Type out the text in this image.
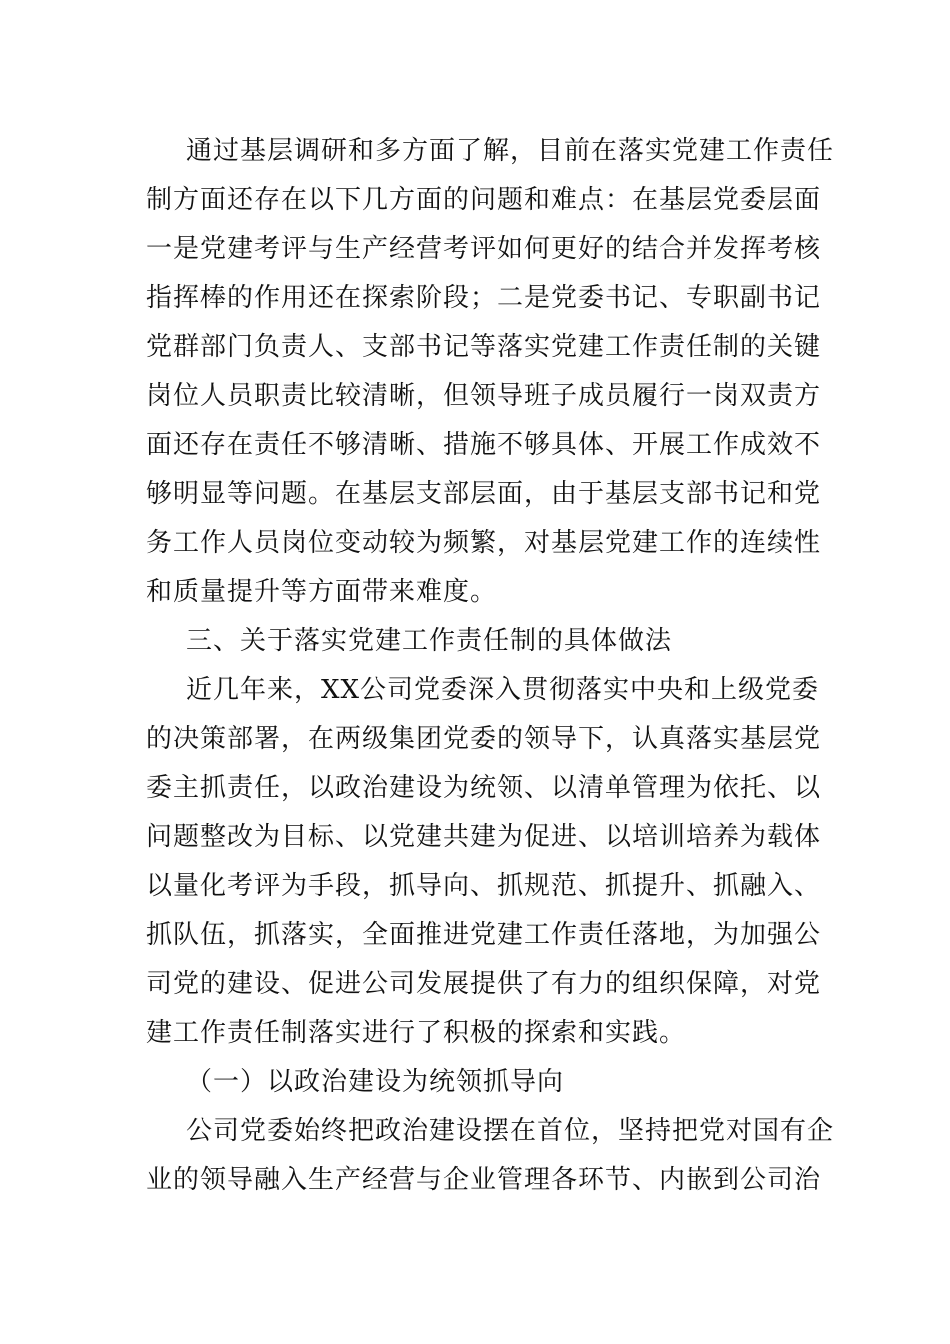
通过基层调研和多方面了解，目前在落实党建工作责任
制方面还存在以下几方面的问题和难点：在基层党委层面
一是党建考评与生产经营考评如何更好的结合并发挥考核
指挥棒的作用还在探索阶段；二是党委书记、专职副书记
党群部门负责人、支部书记等落实党建工作责任制的关键
岗位人员职责比较清晰，但领导班子成员履行一岗双责方
面还存在责任不够清晰、措施不够具体、开展工作成效不
够明显等问题。在基层支部层面，由于基层支部书记和党
务工作人员岗位变动较为频繁，对基层党建工作的连续性
和质量提升等方面带来难度。

三、关于落实党建工作责任制的具体做法

近几年来，XX公司党委深入贯彻落实中央和上级党委
的决策部署，在两级集团党委的领导下，认真落实基层党
委主抓责任，以政治建设为统领、以清单管理为依托、以
问题整改为目标、以党建共建为促进、以培训培养为载体
以量化考评为手段，抓导向、抓规范、抓提升、抓融入、
抓队伍，抓落实，全面推进党建工作责任落地，为加强公
司党的建设、促进公司发展提供了有力的组织保障，对党
建工作责任制落实进行了积极的探索和实践。

（一）以政治建设为统领抓导向

公司党委始终把政治建设摆在首位，坚持把党对国有企
业的领导融入生产经营与企业管理各环节、内嵌到公司治
